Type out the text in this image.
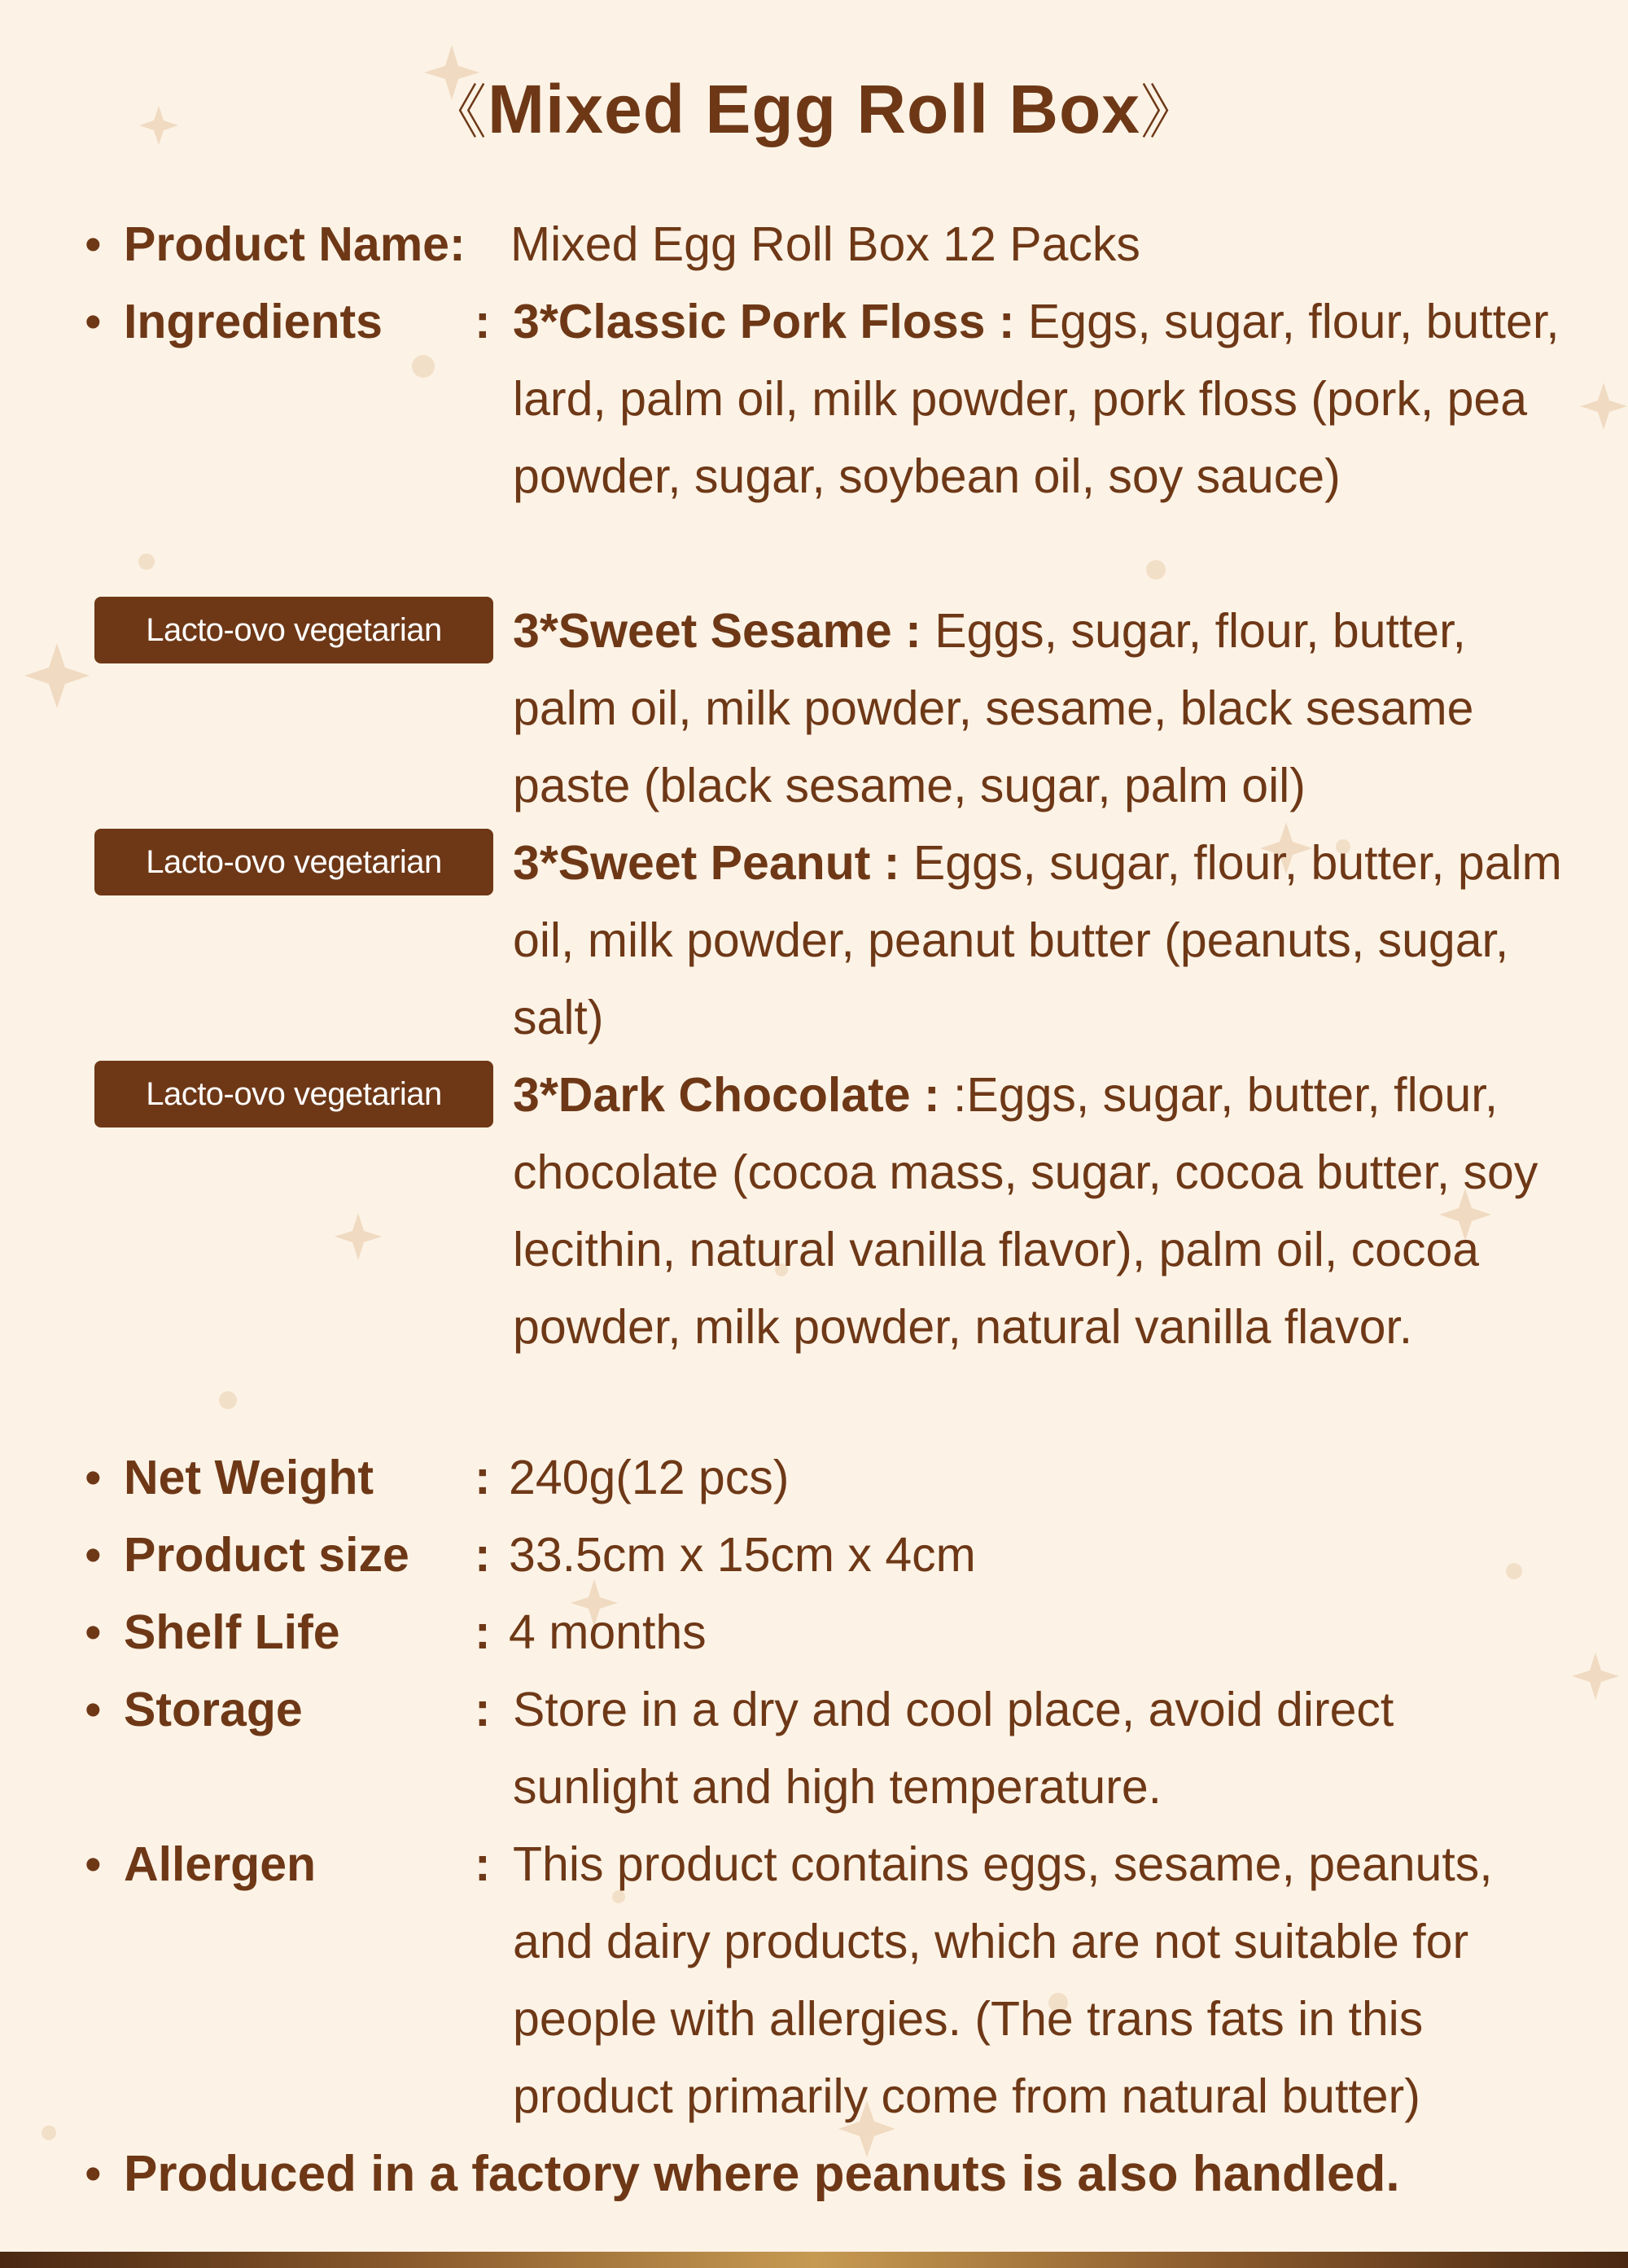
《Mixed Egg Roll Box》
• Product Name: Mixed Egg Roll Box 12 Packs
• Ingredients : 3*Classic Pork Floss : Eggs, sugar, flour, butter, lard, palm oil, milk powder, pork floss (pork, pea powder, sugar, soybean oil, soy sauce)
Lacto-ovo vegetarian	3*Sweet Sesame : Eggs, sugar, flour, butter, palm oil, milk powder, sesame, black sesame paste (black sesame, sugar, palm oil)
Lacto-ovo vegetarian	3*Sweet Peanut : Eggs, sugar, flour, butter, palm oil, milk powder, peanut butter (peanuts, sugar, salt)
Lacto-ovo vegetarian	3*Dark Chocolate : :Eggs, sugar, butter, flour, chocolate (cocoa mass, sugar, cocoa butter, soy lecithin, natural vanilla flavor), palm oil, cocoa powder, milk powder, natural vanilla flavor.
• Net Weight : 240g(12 pcs)
• Product size : 33.5cm x 15cm x 4cm
• Shelf Life	: 4 months
• Storage	: Store in a dry and cool place, avoid direct sunlight and high temperature.
• Allergen	: This product contains eggs, sesame, peanuts, and dairy products, which are not suitable for people with allergies. (The trans fats in this product primarily come from natural butter)
• Produced in a factory where peanuts is also handled.
